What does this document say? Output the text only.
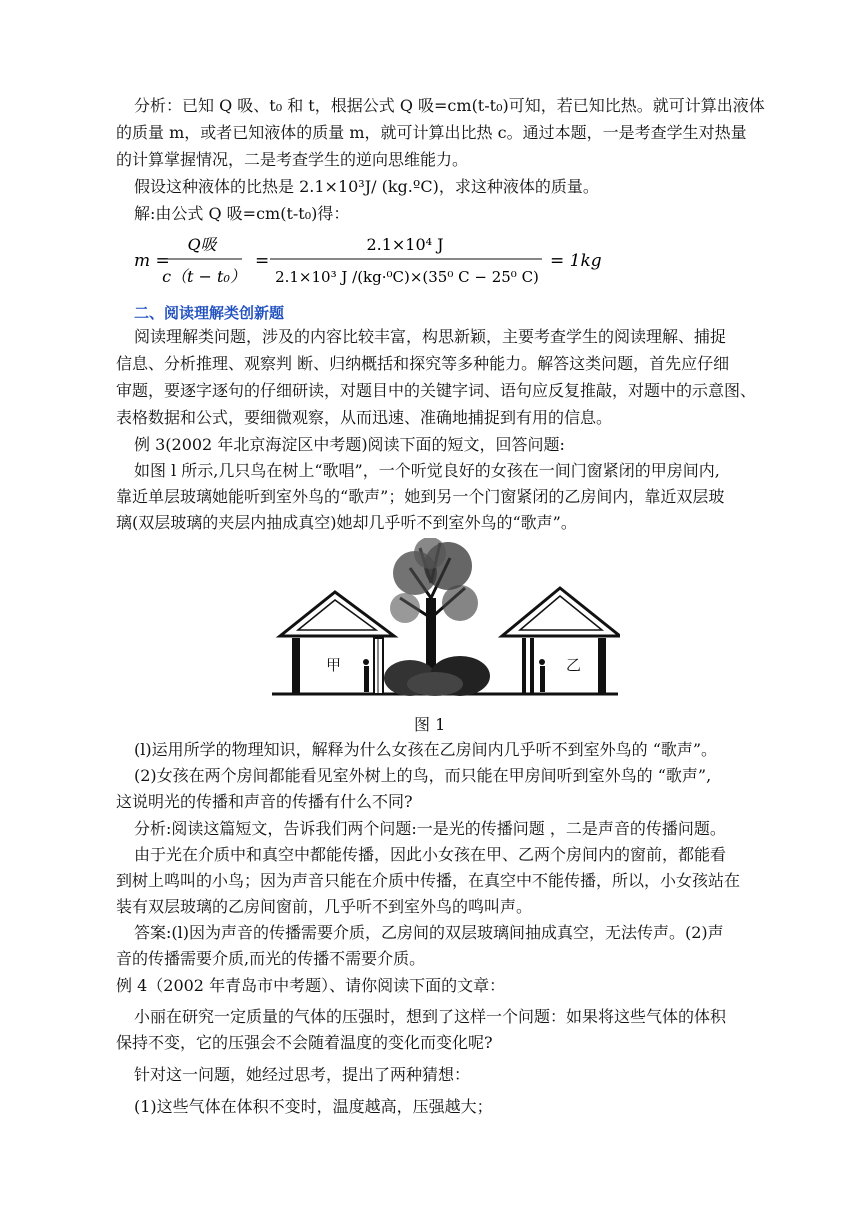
分析：已知 Q 吸、t₀ 和 t，根据公式 Q 吸=cm(t-t₀)可知，若已知比热。就可计算出液体
的质量 m，或者已知液体的质量 m，就可计算出比热 c。通过本题，一是考查学生对热量
的计算掌握情况，二是考查学生的逆向思维能力。
假设这种液体的比热是 2.1×10³J/ (kg.ºC)，求这种液体的质量。
解:由公式 Q 吸=cm(t-t₀)得：
m =
Q吸
c（t − t₀）
=
2.1×10⁴ J
2.1×10³ J /(kg·⁰C)×(35⁰ C − 25⁰ C)
= 1kg
二、阅读理解类创新题
阅读理解类问题，涉及的内容比较丰富，构思新颖，主要考查学生的阅读理解、捕捉
信息、分析推理、观察判 断、归纳概括和探究等多种能力。解答这类问题，首先应仔细
审题，要逐字逐句的仔细研读，对题目中的关键字词、语句应反复推敲，对题中的示意图、
表格数据和公式，要细微观察，从而迅速、准确地捕捉到有用的信息。
例 3(2002 年北京海淀区中考题)阅读下面的短文，回答问题:
如图 l 所示,几只鸟在树上“歌唱”，一个听觉良好的女孩在一间门窗紧闭的甲房间内,
靠近单层玻璃她能听到室外鸟的“歌声”；她到另一个门窗紧闭的乙房间内，靠近双层玻
璃(双层玻璃的夹层内抽成真空)她却几乎听不到室外鸟的“歌声”。
甲	乙
图 1
(l)运用所学的物理知识，解释为什么女孩在乙房间内几乎听不到室外鸟的 “歌声”。
(2)女孩在两个房间都能看见室外树上的鸟，而只能在甲房间听到室外鸟的 “歌声”,
这说明光的传播和声音的传播有什么不同?
分析:阅读这篇短文，告诉我们两个问题:一是光的传播问题 ，二是声音的传播问题。
由于光在介质中和真空中都能传播，因此小女孩在甲、乙两个房间内的窗前，都能看
到树上鸣叫的小鸟；因为声音只能在介质中传播，在真空中不能传播，所以，小女孩站在
装有双层玻璃的乙房间窗前，几乎听不到室外鸟的鸣叫声。
答案:(l)因为声音的传播需要介质，乙房间的双层玻璃间抽成真空，无法传声。(2)声
音的传播需要介质,而光的传播不需要介质。
例 4（2002 年青岛市中考题）、请你阅读下面的文章：
小丽在研究一定质量的气体的压强时，想到了这样一个问题：如果将这些气体的体积
保持不变，它的压强会不会随着温度的变化而变化呢?
针对这一问题，她经过思考，提出了两种猜想：
(1)这些气体在体积不变时，温度越高，压强越大；
